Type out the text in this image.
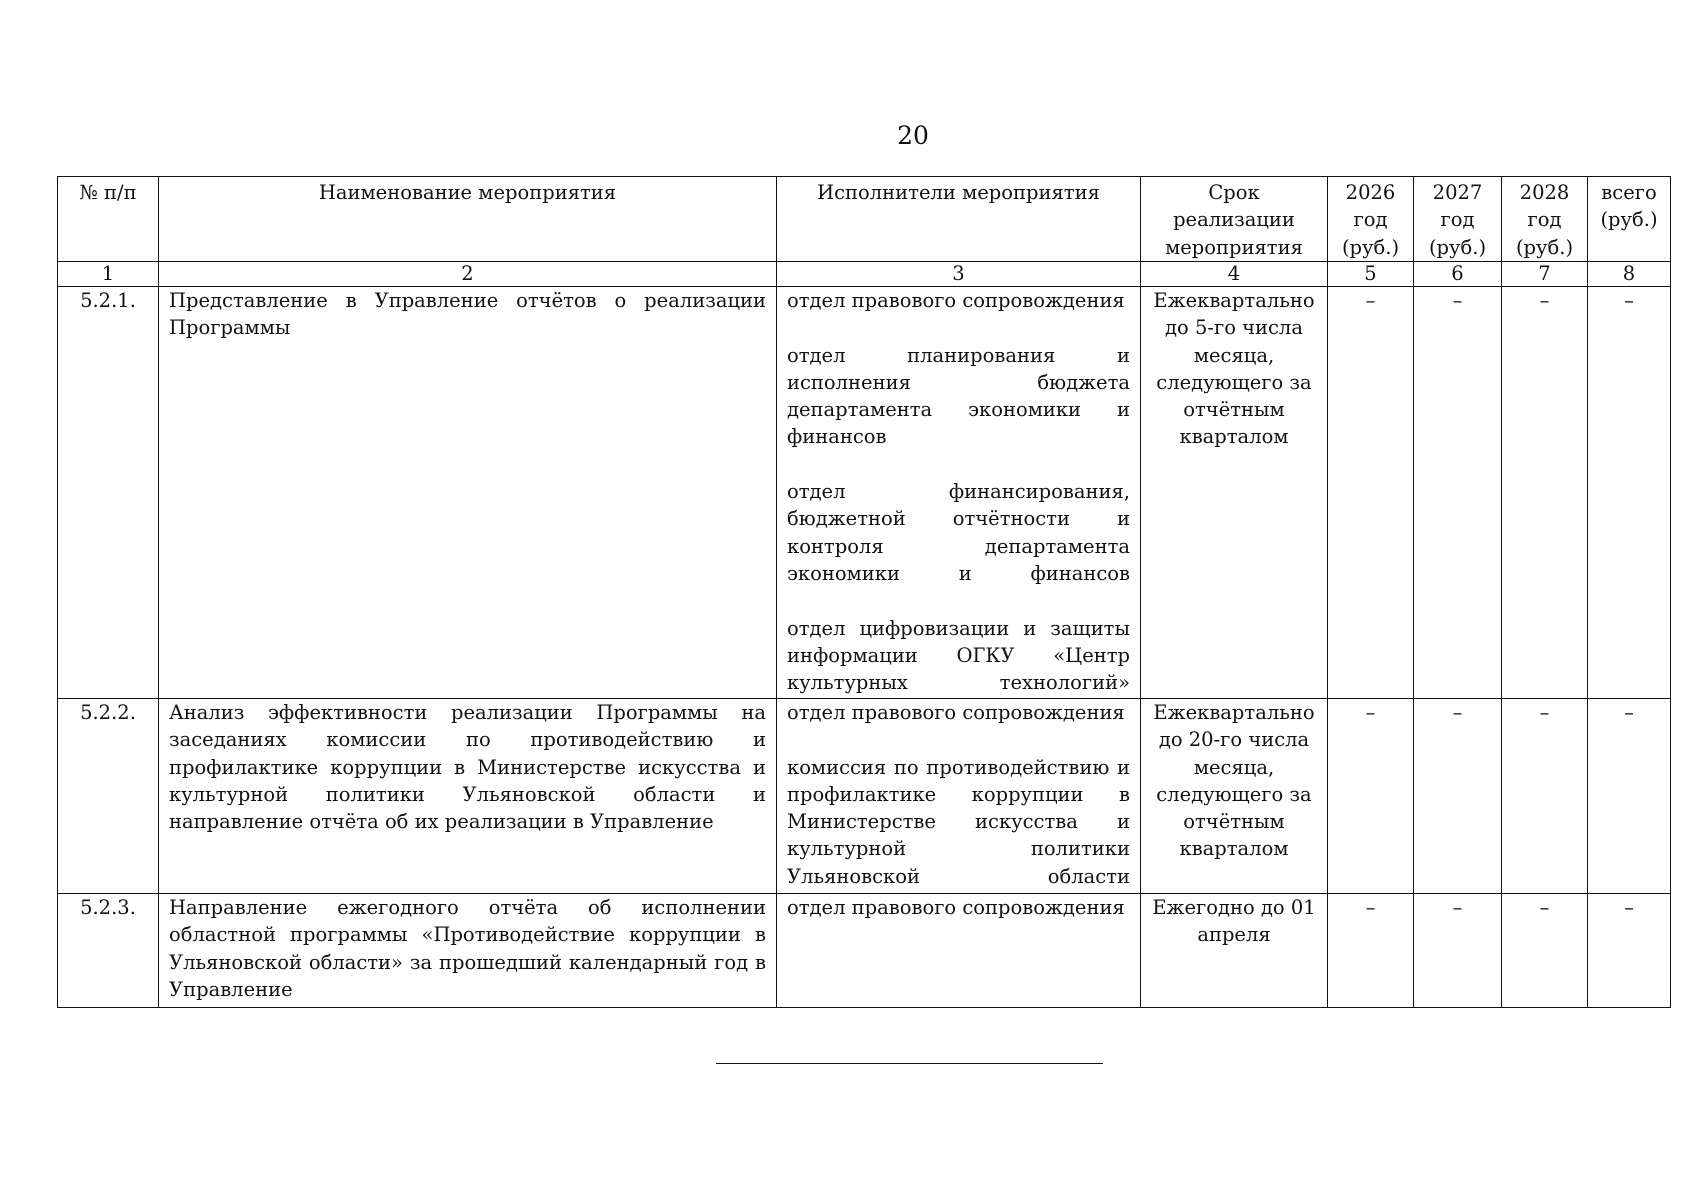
20
№ п/п	Наименование мероприятия	Исполнители мероприятия	Срок реализации мероприятия	2026 год (руб.)	2027 год (руб.)	2028 год (руб.)	всего (руб.)
1	2	3	4	5	6	7	8
5.2.1.	Представление в Управление отчётов о реализации Программы	отдел правового сопровождения

отдел планирования и исполнения бюджета департамента экономики и финансов

отдел финансирования, бюджетной отчётности и контроля департамента экономики и финансов

отдел цифровизации и защиты информации ОГКУ «Центр культурных технологий»	Ежеквартально до 5-го числа месяца, следующего за отчётным кварталом	–	–	–	–
5.2.2.	Анализ эффективности реализации Программы на заседаниях комиссии по противодействию и профилактике коррупции в Министерстве искусства и культурной политики Ульяновской области и направление отчёта об их реализации в Управление	отдел правового сопровождения

комиссия по противодействию и профилактике коррупции в Министерстве искусства и культурной политики Ульяновской области	Ежеквартально до 20-го числа месяца, следующего за отчётным кварталом	–	–	–	–
5.2.3.	Направление ежегодного отчёта об исполнении областной программы «Противодействие коррупции в Ульяновской области» за прошедший календарный год в Управление	отдел правового сопровождения	Ежегодно до 01 апреля	–	–	–	–
